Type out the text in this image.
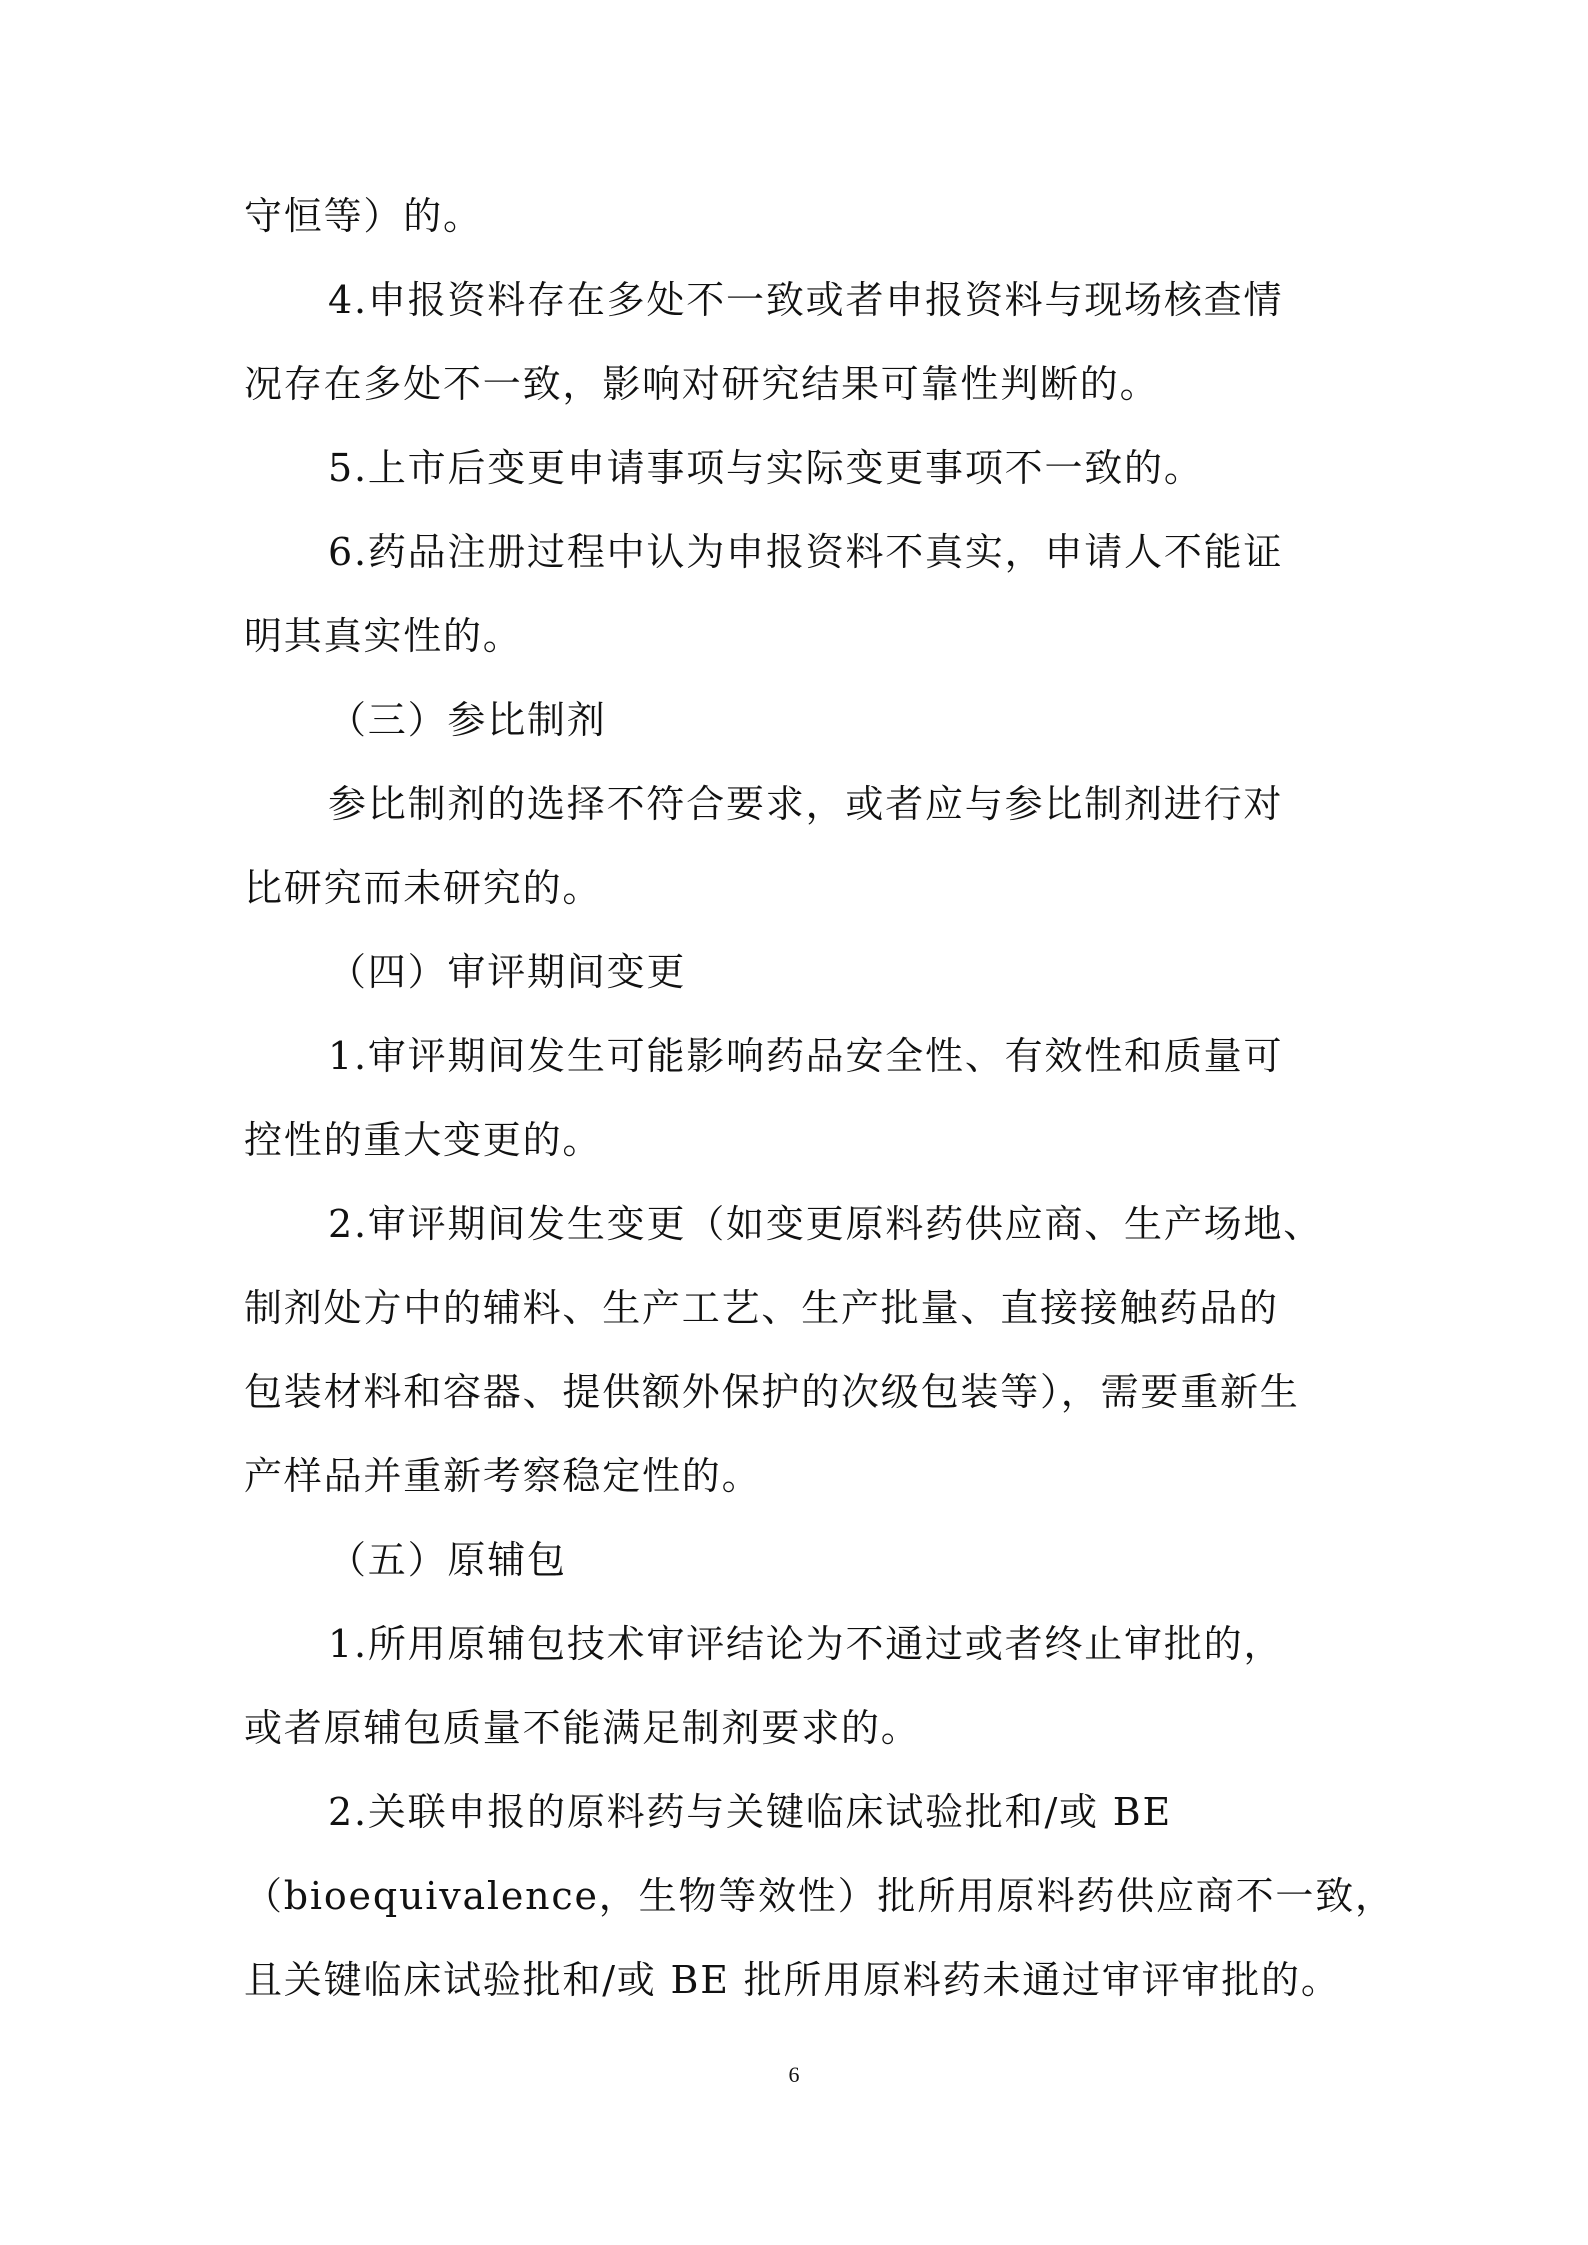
守恒等）的。
4.申报资料存在多处不一致或者申报资料与现场核查情
况存在多处不一致，影响对研究结果可靠性判断的。
5.上市后变更申请事项与实际变更事项不一致的。
6.药品注册过程中认为申报资料不真实，申请人不能证
明其真实性的。
（三）参比制剂
参比制剂的选择不符合要求，或者应与参比制剂进行对
比研究而未研究的。
（四）审评期间变更
1.审评期间发生可能影响药品安全性、有效性和质量可
控性的重大变更的。
2.审评期间发生变更（如变更原料药供应商、生产场地、
制剂处方中的辅料、生产工艺、生产批量、直接接触药品的
包装材料和容器、提供额外保护的次级包装等），需要重新生
产样品并重新考察稳定性的。
（五）原辅包
1.所用原辅包技术审评结论为不通过或者终止审批的，
或者原辅包质量不能满足制剂要求的。
2.关联申报的原料药与关键临床试验批和/或 BE
（bioequivalence，生物等效性）批所用原料药供应商不一致，
且关键临床试验批和/或 BE 批所用原料药未通过审评审批的。
6
